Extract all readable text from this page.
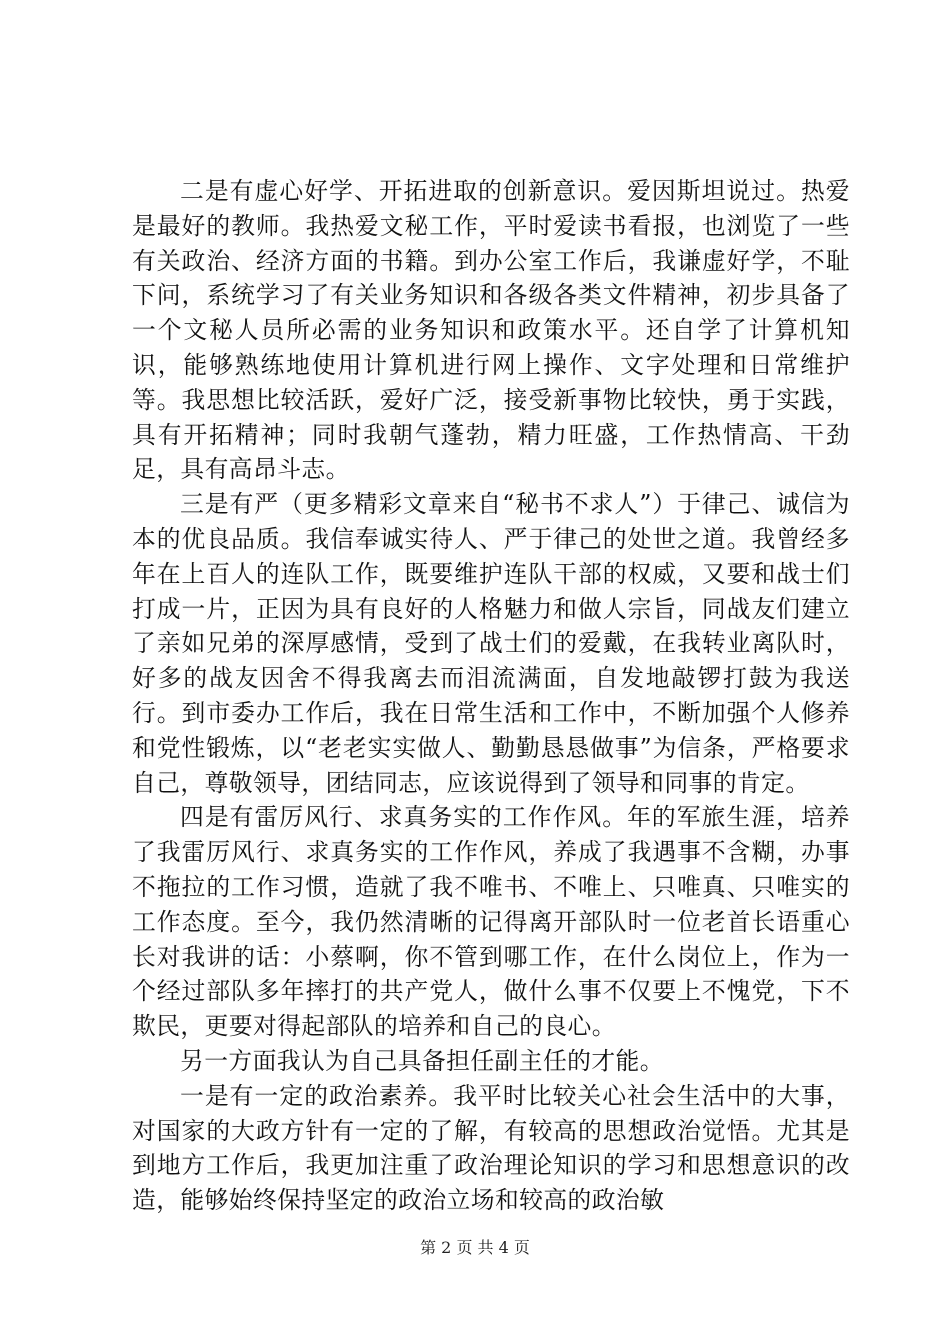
二是有虚心好学、开拓进取的创新意识。爱因斯坦说过。热爱是最好的教师。我热爱文秘工作，平时爱读书看报，也浏览了一些有关政治、经济方面的书籍。到办公室工作后，我谦虚好学，不耻下问，系统学习了有关业务知识和各级各类文件精神，初步具备了一个文秘人员所必需的业务知识和政策水平。还自学了计算机知识，能够熟练地使用计算机进行网上操作、文字处理和日常维护等。我思想比较活跃，爱好广泛，接受新事物比较快，勇于实践，具有开拓精神；同时我朝气蓬勃，精力旺盛，工作热情高、干劲足，具有高昂斗志。

三是有严（更多精彩文章来自“秘书不求人”）于律己、诚信为本的优良品质。我信奉诚实待人、严于律己的处世之道。我曾经多年在上百人的连队工作，既要维护连队干部的权威，又要和战士们打成一片，正因为具有良好的人格魅力和做人宗旨，同战友们建立了亲如兄弟的深厚感情，受到了战士们的爱戴，在我转业离队时，好多的战友因舍不得我离去而泪流满面，自发地敲锣打鼓为我送行。到市委办工作后，我在日常生活和工作中，不断加强个人修养和党性锻炼，以“老老实实做人、勤勤恳恳做事”为信条，严格要求自己，尊敬领导，团结同志，应该说得到了领导和同事的肯定。

四是有雷厉风行、求真务实的工作作风。年的军旅生涯，培养了我雷厉风行、求真务实的工作作风，养成了我遇事不含糊，办事不拖拉的工作习惯，造就了我不唯书、不唯上、只唯真、只唯实的工作态度。至今，我仍然清晰的记得离开部队时一位老首长语重心长对我讲的话：小蔡啊，你不管到哪工作，在什么岗位上，作为一个经过部队多年摔打的共产党人，做什么事不仅要上不愧党，下不欺民，更要对得起部队的培养和自己的良心。

另一方面我认为自己具备担任副主任的才能。

一是有一定的政治素养。我平时比较关心社会生活中的大事，对国家的大政方针有一定的了解，有较高的思想政治觉悟。尤其是到地方工作后，我更加注重了政治理论知识的学习和思想意识的改造，能够始终保持坚定的政治立场和较高的政治敏

第 2 页 共 4 页
